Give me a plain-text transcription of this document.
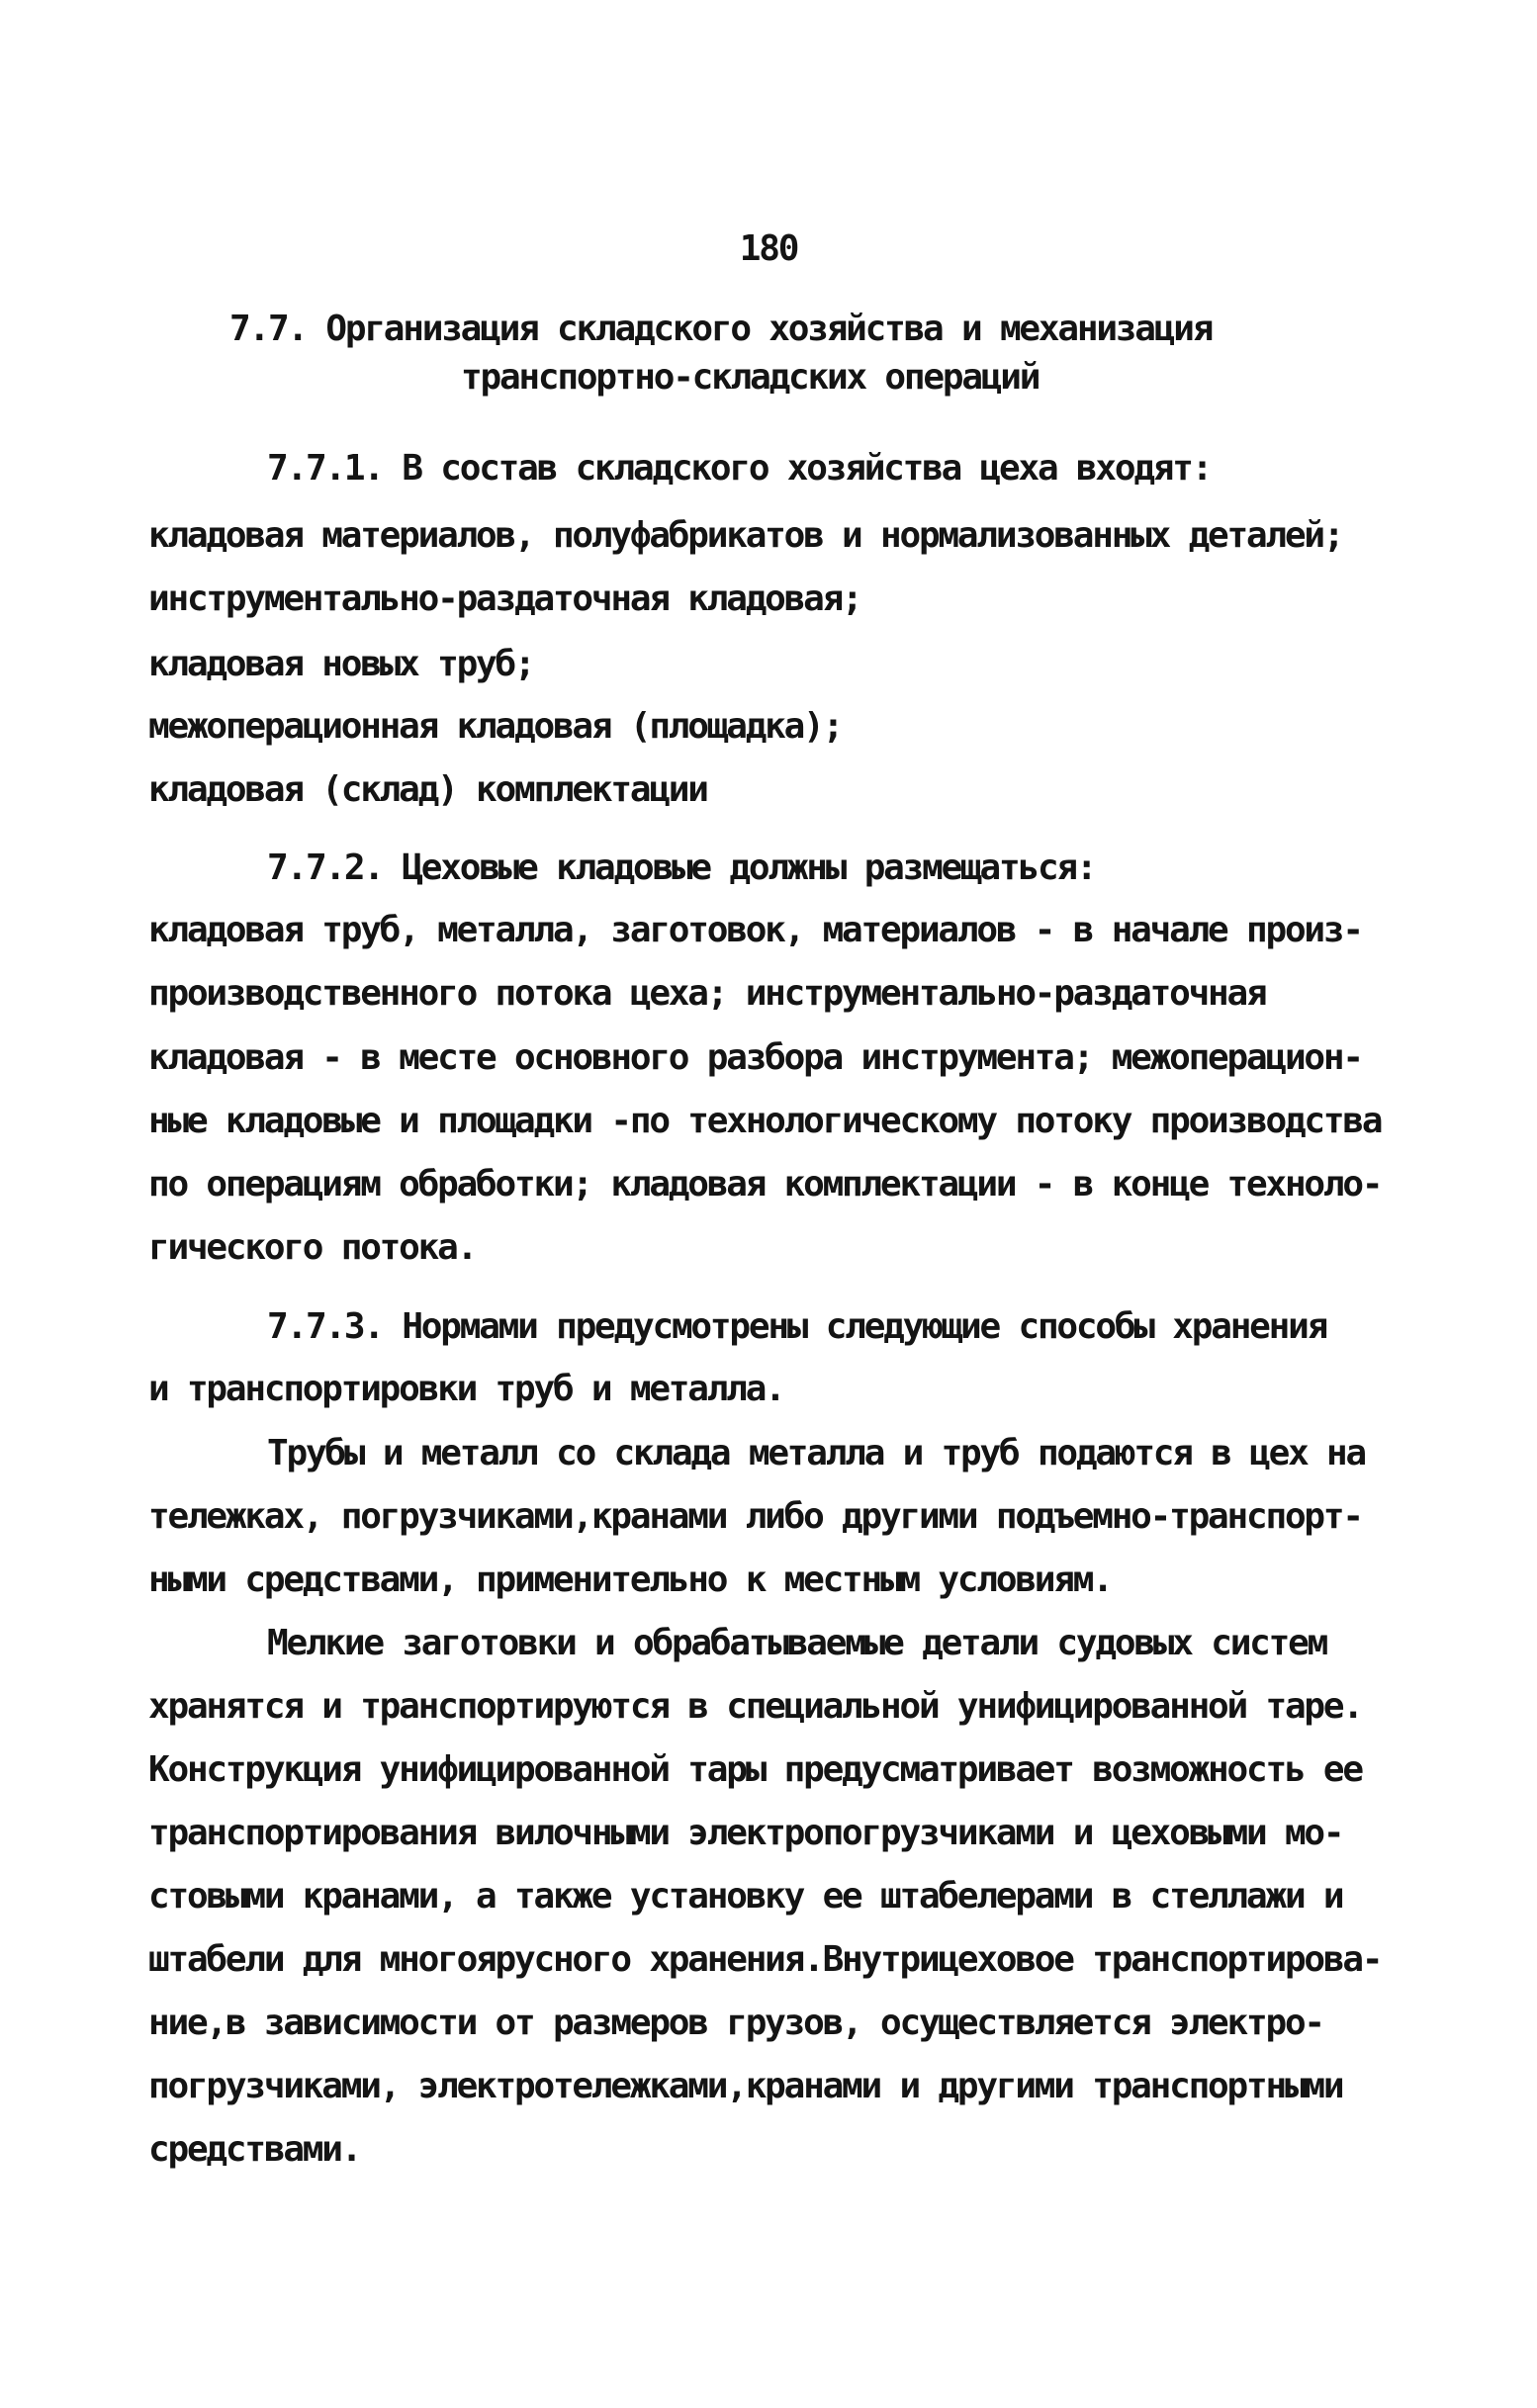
180
7.7. Организация складского хозяйства и механизация
транспортно-складских операций
7.7.1. В состав складского хозяйства цеха входят:
кладовая материалов, полуфабрикатов и нормализованных деталей;
инструментально-раздаточная кладовая;
кладовая новых труб;
межоперационная кладовая (площадка);
кладовая (склад) комплектации
7.7.2. Цеховые кладовые должны размещаться:
кладовая труб, металла, заготовок, материалов - в начале произ-
производственного потока цеха; инструментально-раздаточная
кладовая - в месте основного разбора инструмента; межоперацион-
ные кладовые и площадки -по технологическому потоку производства
по операциям обработки; кладовая комплектации - в конце техноло-
гического потока.
7.7.3. Нормами предусмотрены следующие способы хранения
и транспортировки труб и металла.
Трубы и металл со склада металла и труб подаются в цех на
тележках, погрузчиками,кранами либо другими подъемно-транспорт-
ными средствами, применительно к местным условиям.
Мелкие заготовки и обрабатываемые детали судовых систем
хранятся и транспортируются в специальной унифицированной таре.
Конструкция унифицированной тары предусматривает возможность ее
транспортирования вилочными электропогрузчиками и цеховыми мо-
стовыми кранами, а также установку ее штабелерами в стеллажи и
штабели для многоярусного хранения.Внутрицеховое транспортирова-
ние,в зависимости от размеров грузов, осуществляется электро-
погрузчиками, электротележками,кранами и другими транспортными
средствами.
